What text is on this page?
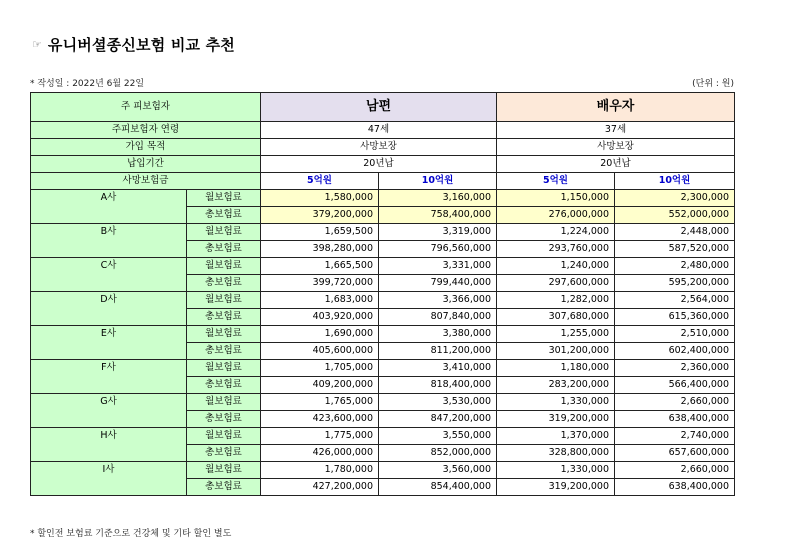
☞ 유니버셜종신보험 비교 추천
* 작성일 : 2022년 6월 22일	(단위 : 원)
주 피보험자		남편		배우자	
주피보험자 연령		47세		37세	
가입 목적		사망보장		사망보장	
납입기간		20년납		20년납	
사망보험금		5억원	10억원	5억원	10억원
A사	월보험료	1,580,000	3,160,000	1,150,000	2,300,000
	총보험료	379,200,000	758,400,000	276,000,000	552,000,000
B사	월보험료	1,659,500	3,319,000	1,224,000	2,448,000
	총보험료	398,280,000	796,560,000	293,760,000	587,520,000
C사	월보험료	1,665,500	3,331,000	1,240,000	2,480,000
	총보험료	399,720,000	799,440,000	297,600,000	595,200,000
D사	월보험료	1,683,000	3,366,000	1,282,000	2,564,000
	총보험료	403,920,000	807,840,000	307,680,000	615,360,000
E사	월보험료	1,690,000	3,380,000	1,255,000	2,510,000
	총보험료	405,600,000	811,200,000	301,200,000	602,400,000
F사	월보험료	1,705,000	3,410,000	1,180,000	2,360,000
	총보험료	409,200,000	818,400,000	283,200,000	566,400,000
G사	월보험료	1,765,000	3,530,000	1,330,000	2,660,000
	총보험료	423,600,000	847,200,000	319,200,000	638,400,000
H사	월보험료	1,775,000	3,550,000	1,370,000	2,740,000
	총보험료	426,000,000	852,000,000	328,800,000	657,600,000
I사	월보험료	1,780,000	3,560,000	1,330,000	2,660,000
	총보험료	427,200,000	854,400,000	319,200,000	638,400,000
* 할인전 보험료 기준으로 건강체 및 기타 할인 별도
